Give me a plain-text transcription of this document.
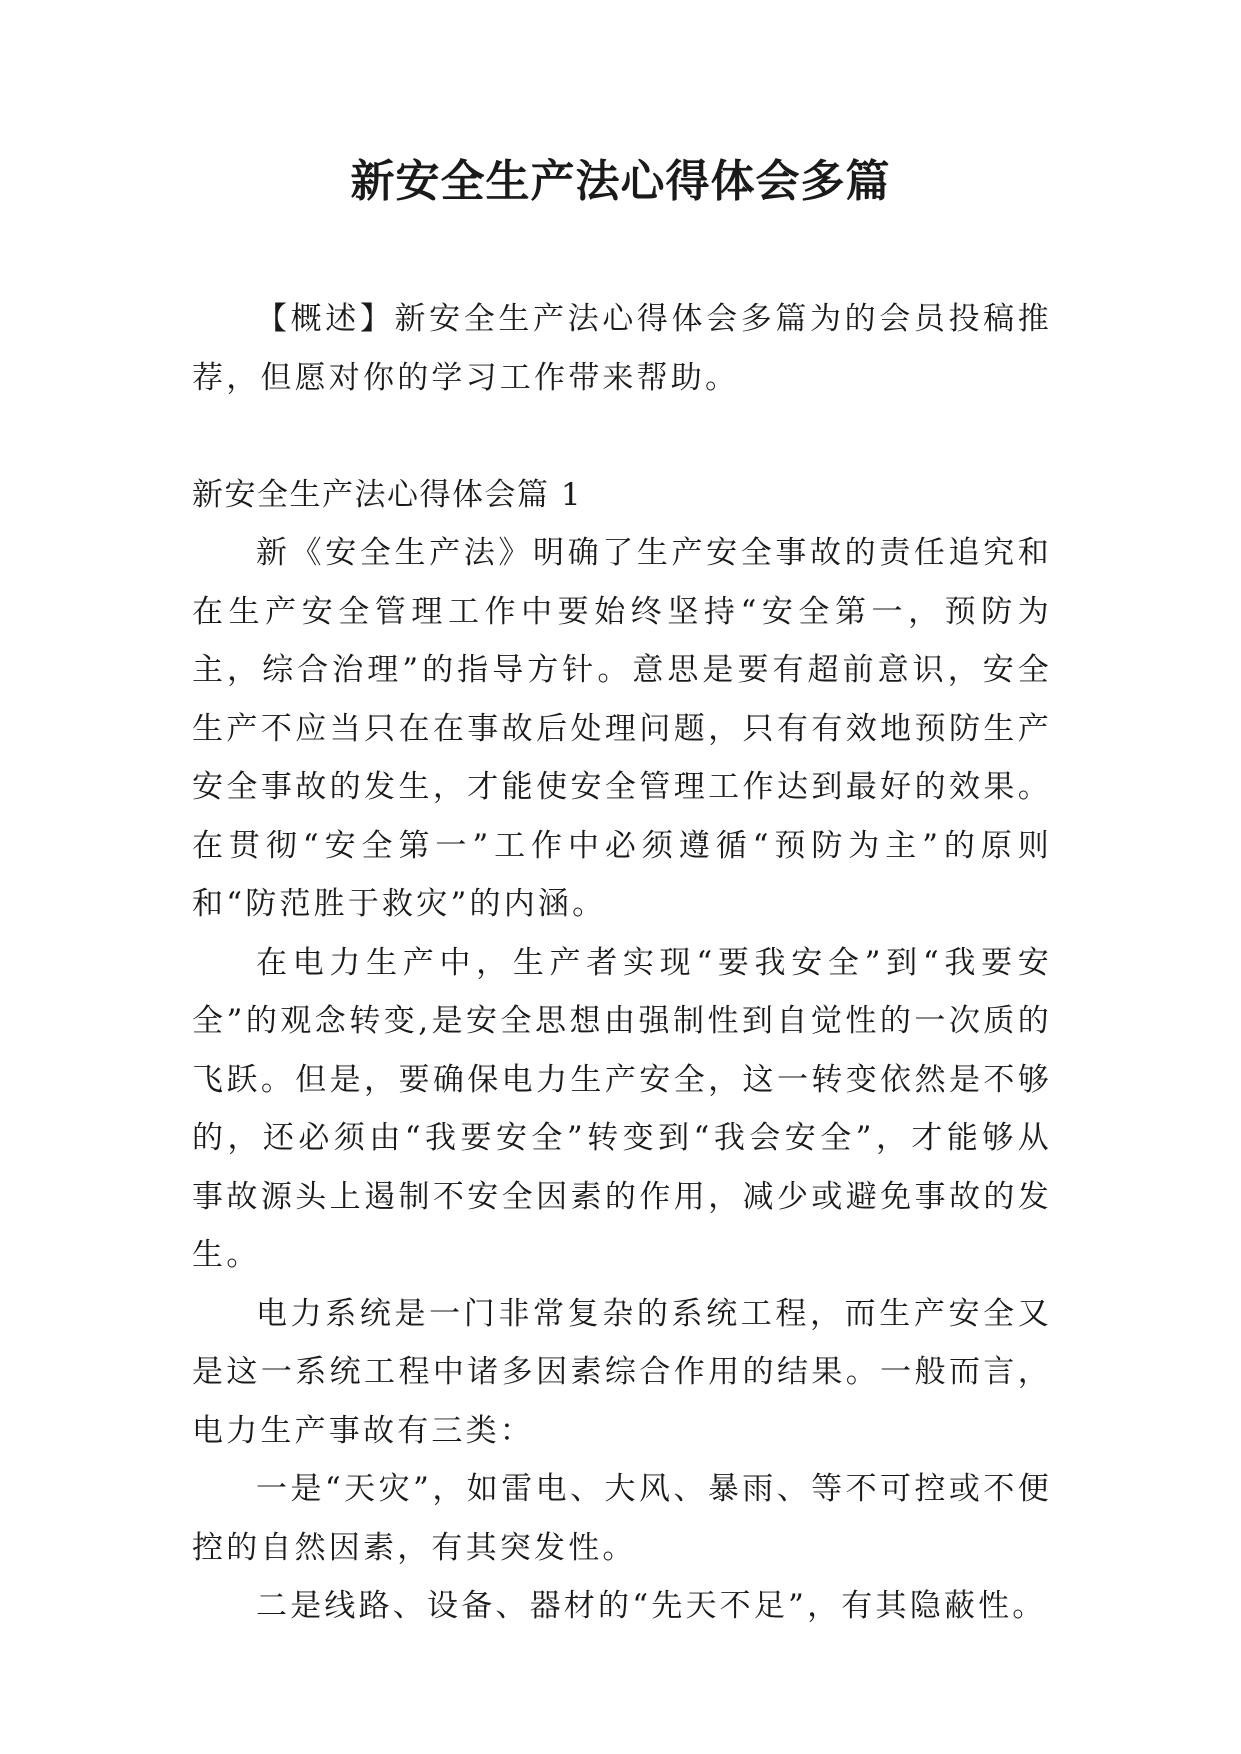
新安全生产法心得体会多篇

【概述】新安全生产法心得体会多篇为的会员投稿推荐，但愿对你的学习工作带来帮助。

新安全生产法心得体会篇 1

新《安全生产法》明确了生产安全事故的责任追究和在生产安全管理工作中要始终坚持“安全第一，预防为主，综合治理”的指导方针。意思是要有超前意识，安全生产不应当只在在事故后处理问题，只有有效地预防生产安全事故的发生，才能使安全管理工作达到最好的效果。在贯彻“安全第一”工作中必须遵循“预防为主”的原则和“防范胜于救灾”的内涵。

在电力生产中，生产者实现“要我安全”到“我要安全”的观念转变,是安全思想由强制性到自觉性的一次质的飞跃。但是，要确保电力生产安全，这一转变依然是不够的，还必须由“我要安全”转变到“我会安全”，才能够从事故源头上遏制不安全因素的作用，减少或避免事故的发生。

电力系统是一门非常复杂的系统工程，而生产安全又是这一系统工程中诸多因素综合作用的结果。一般而言，电力生产事故有三类：

一是“天灾”，如雷电、大风、暴雨、等不可控或不便控的自然因素，有其突发性。

二是线路、设备、器材的“先天不足”，有其隐蔽性。
